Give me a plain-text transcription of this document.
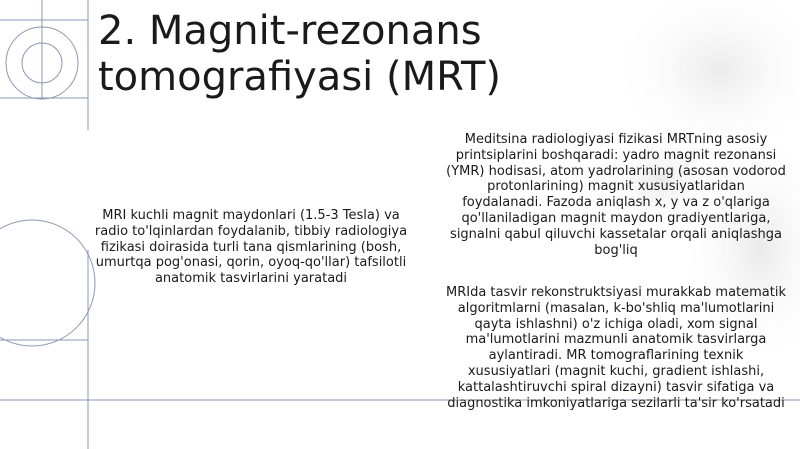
2. Magnit-rezonans
tomografiyasi (MRT)

MRI kuchli magnit maydonlari (1.5-3 Tesla) va radio to'lqinlardan foydalanib, tibbiy radiologiya fizikasi doirasida turli tana qismlarining (bosh, umurtqa pog'onasi, qorin, oyoq-qo'llar) tafsilotli anatomik tasvirlarini yaratadi

Meditsina radiologiyasi fizikasi MRTning asosiy printsiplarini boshqaradi: yadro magnit rezonansi (YMR) hodisasi, atom yadrolarining (asosan vodorod protonlarining) magnit xususiyatlaridan foydalanadi. Fazoda aniqlash x, y va z o'qlariga qo'llaniladigan magnit maydon gradiyentlariga, signalni qabul qiluvchi kassetalar orqali aniqlashga bog'liq

MRIda tasvir rekonstruktsiyasi murakkab matematik algoritmlarni (masalan, k-bo'shliq ma'lumotlarini qayta ishlashni) o'z ichiga oladi, xom signal ma'lumotlarini mazmunli anatomik tasvirlarga aylantiradi. MR tomograflarining texnik xususiyatlari (magnit kuchi, gradient ishlashi, kattalashtiruvchi spiral dizayni) tasvir sifatiga va diagnostika imkoniyatlariga sezilarli ta'sir ko'rsatadi
